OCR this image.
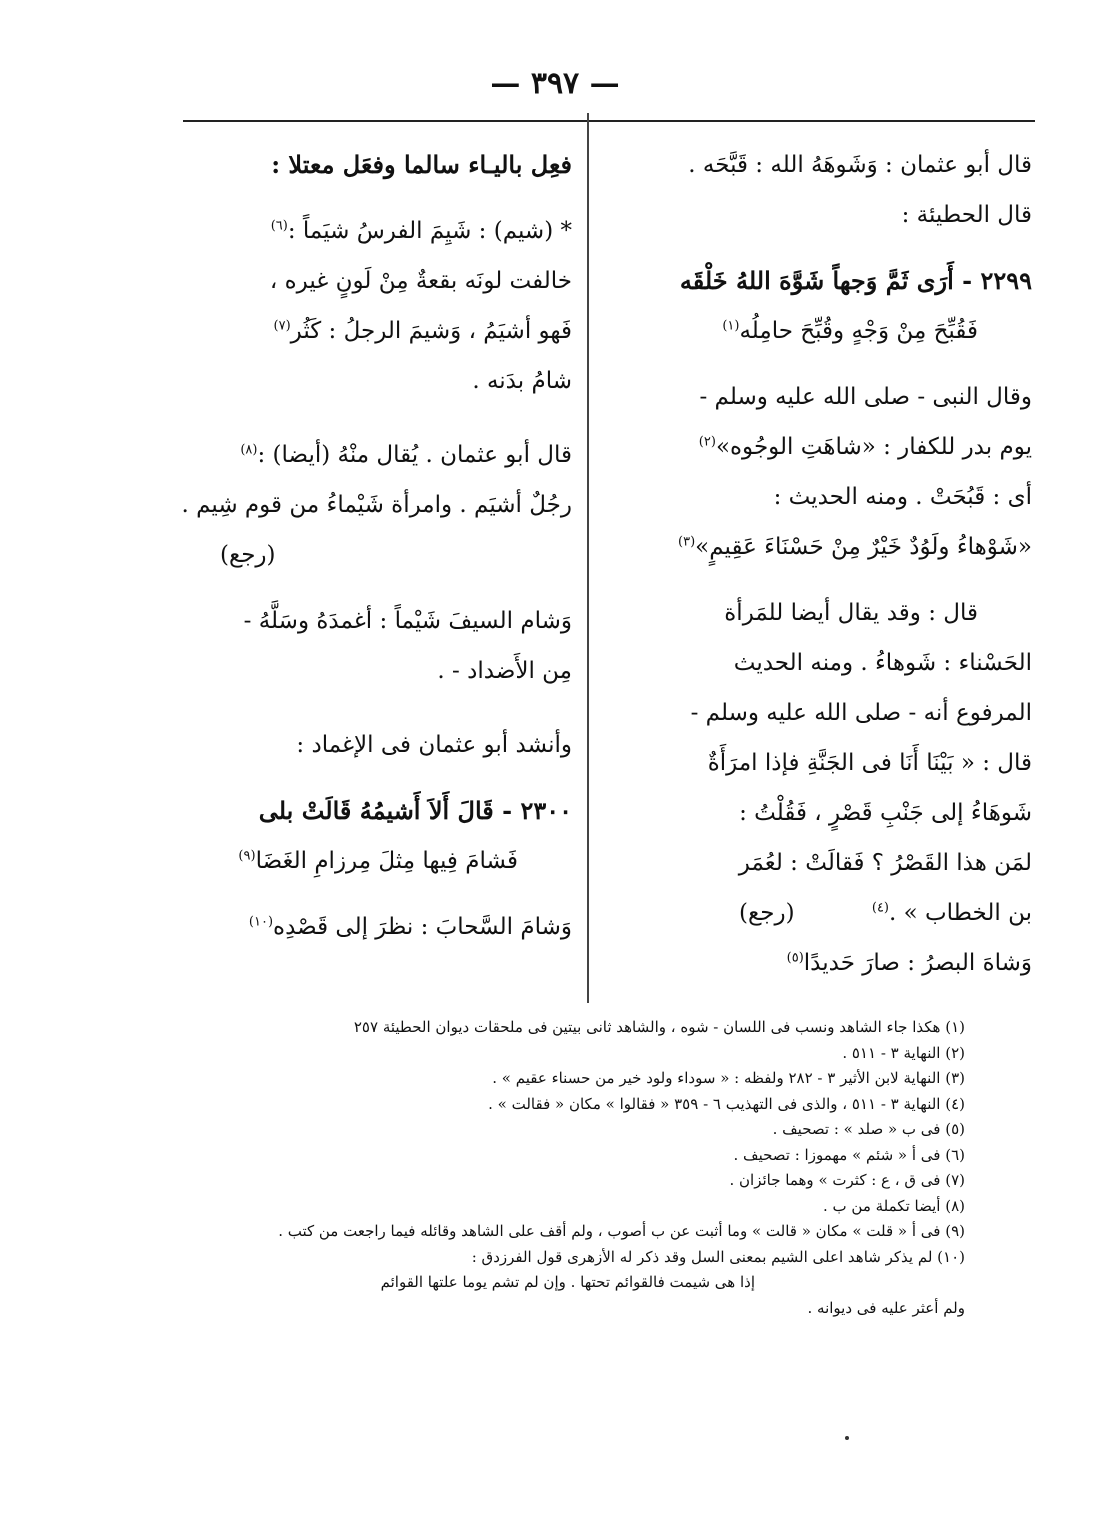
— ٣٩٧ —

قال أبو عثمان : وَشَوهَهُ الله : قَبَّحَه .

قال الحطيئة :

٢٢٩٩ - أَرَى ثَمَّ وَجهاً شَوَّهَ اللهُ خَلْقَه

فَقُبِّحَ مِنْ وَجْهٍ وقُبِّحَ حامِلُه$^{(١)}$

وقال النبى - صلى الله عليه وسلم -

يوم بدر للكفار : «شاهَتِ الوجُوه»$^{(٢)}$

أى : قَبُحَتْ . ومنه الحديث :

«شَوْهاءُ ولَوُدٌ خَيْرٌ مِنْ حَسْنَاءَ عَقِيمٍ»$^{(٣)}$

قال : وقد يقال أيضا للمَرأة

الحَسْناء : شَوهاءُ . ومنه الحديث

المرفوع أنه - صلى الله عليه وسلم -

قال : « بَيْنَا أَنَا فى الجَنَّةِ فإذا امرَأَةٌ

شَوهَاءُ إلى جَنْبِ قَصْرٍ ، فَقُلْتُ :

لمَن هذا القَصْرُ ؟ فَقالَتْ : لعُمَر

بن الخطاب » .$^{(٤)}$ (رجع)

وَشاهَ البصرُ : صارَ حَديدًا$^{(٥)}$

فعِل باليـاء سالما وفعَل معتلا :

* (شيم) : شَيِمَ الفرسُ شيَماً :$^{(٦)}$

خالفت لونَه بقعةٌ مِنْ لَونٍ غيره ،

فَهو أشيَمُ ، وَشيمَ الرجلُ : كَثُر$^{(٧)}$

شامُ بدَنه .

قال أبو عثمان . يُقال منْهُ (أيضا) :$^{(٨)}$

رجُلٌ أشيَم . وامرأة شَيْماءُ من قوم شِيم .

(رجع)

وَشام السيفَ شَيْماً : أغمدَهُ وسَلَّهُ -

مِن الأَضداد - .

وأنشد أبو عثمان فى الإغماد :

٢٣٠٠ - قَالَ أَلاَ أَشيمُهُ قَالَتْ بلى

فَشامَ فِيها مِثلَ مِرزامِ الغَضَا$^{(٩)}$

وَشامَ السَّحابَ : نظرَ إلى قَصْدِه$^{(١٠)}$

(١) هكذا جاء الشاهد ونسب فى اللسان - شوه ، والشاهد ثانى بيتين فى ملحقات ديوان الحطيئة ٢٥٧

(٢) النهاية ٣ - ٥١١ .

(٣) النهاية لابن الأثير ٣ - ٢٨٢ ولفظه : « سوداء ولود خير من حسناء عقيم » .

(٤) النهاية ٣ - ٥١١ ، والذى فى التهذيب ٦ - ٣٥٩ « فقالوا » مكان « فقالت » .

(٥) فى ب « صلد » : تصحيف .

(٦) فى أ « شئم » مهموزا : تصحيف .

(٧) فى ق ، ع : كثرت » وهما جائزان .

(٨) أيضا تكملة من ب .

(٩) فى أ « قلت » مكان « قالت » وما أثبت عن ب أصوب ، ولم أقف على الشاهد وقائله فيما راجعت من كتب .

(١٠) لم يذكر شاهد اعلى الشيم بمعنى السل وقد ذكر له الأزهرى قول الفرزدق :

إذا هى شيمت فالقوائم تحتها . وإن لم تشم يوما علتها القوائم

ولم أعثر عليه فى ديوانه .
